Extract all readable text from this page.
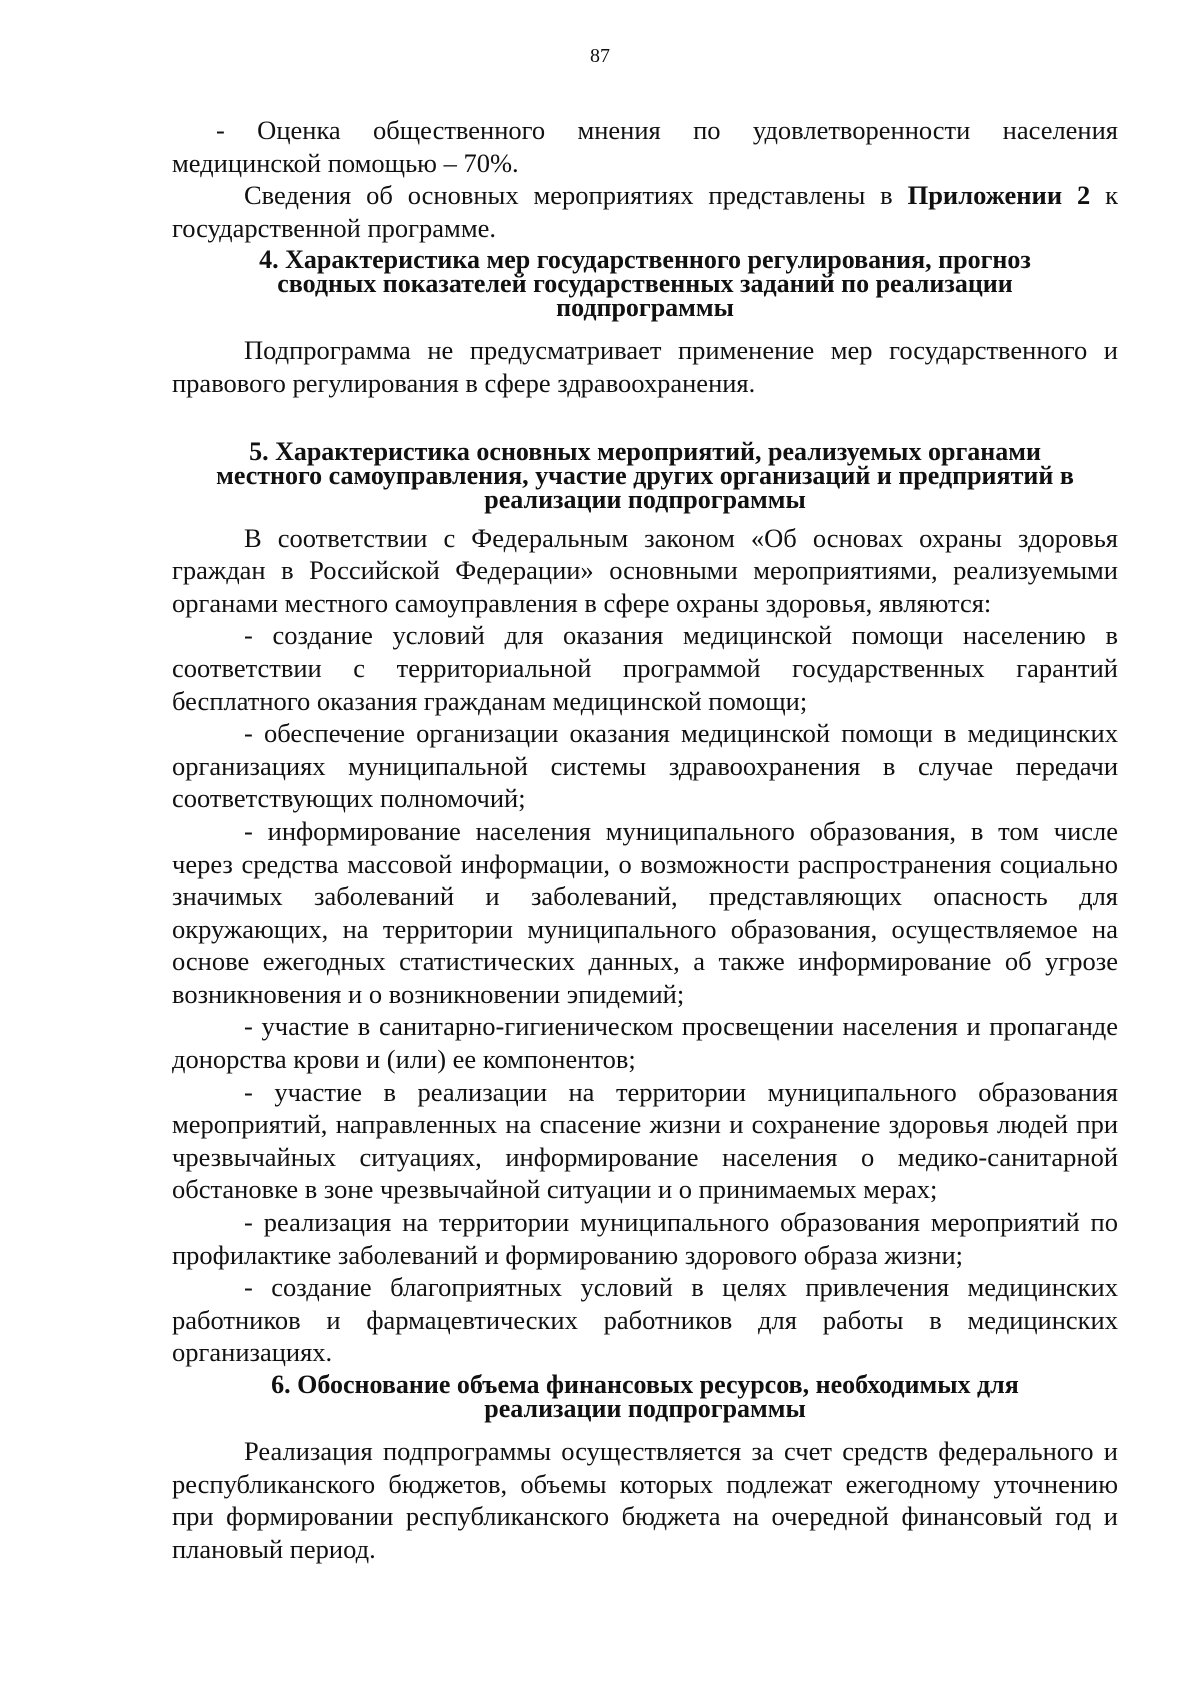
87

- Оценка общественного мнения по удовлетворенности населения медицинской помощью – 70%.

Сведения об основных мероприятиях представлены в Приложении 2 к государственной программе.

4. Характеристика мер государственного регулирования, прогноз
сводных показателей государственных заданий по реализации
подпрограммы

Подпрограмма не предусматривает применение мер государственного и правового регулирования в сфере здравоохранения.

5. Характеристика основных мероприятий, реализуемых органами
местного самоуправления, участие других организаций и предприятий в
реализации подпрограммы

В соответствии с Федеральным законом «Об основах охраны здоровья граждан в Российской Федерации» основными мероприятиями, реализуемыми органами местного самоуправления в сфере охраны здоровья, являются:

- создание условий для оказания медицинской помощи населению в соответствии с территориальной программой государственных гарантий бесплатного оказания гражданам медицинской помощи;

- обеспечение организации оказания медицинской помощи в медицинских организациях муниципальной системы здравоохранения в случае передачи соответствующих полномочий;

- информирование населения муниципального образования, в том числе через средства массовой информации, о возможности распространения социально значимых заболеваний и заболеваний, представляющих опасность для окружающих, на территории муниципального образования, осуществляемое на основе ежегодных статистических данных, а также информирование об угрозе возникновения и о возникновении эпидемий;

- участие в санитарно-гигиеническом просвещении населения и пропаганде донорства крови и (или) ее компонентов;

- участие в реализации на территории муниципального образования мероприятий, направленных на спасение жизни и сохранение здоровья людей при чрезвычайных ситуациях, информирование населения о медико-санитарной обстановке в зоне чрезвычайной ситуации и о принимаемых мерах;

- реализация на территории муниципального образования мероприятий по профилактике заболеваний и формированию здорового образа жизни;

- создание благоприятных условий в целях привлечения медицинских работников и фармацевтических работников для работы в медицинских организациях.

6. Обоснование объема финансовых ресурсов, необходимых для
реализации подпрограммы

Реализация подпрограммы осуществляется за счет средств федерального и республиканского бюджетов, объемы которых подлежат ежегодному уточнению при формировании республиканского бюджета на очередной финансовый год и плановый период.
